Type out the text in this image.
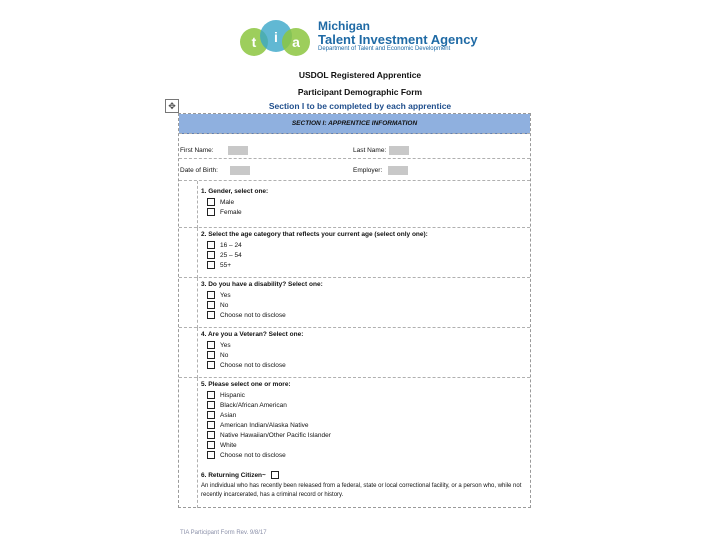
t i a
Michigan
Talent Investment Agency
Department of Talent and Economic Development
USDOL Registered Apprentice
Participant Demographic Form
Section I to be completed by each apprentice
✥
SECTION I: APPRENTICE INFORMATION
First Name:	Last Name:
Date of Birth:	Employer:
1. Gender, select one:
Male
Female
2. Select the age category that reflects your current age (select only one):
16 – 24
25 – 54
55+
3. Do you have a disability? Select one:
Yes
No
Choose not to disclose
4. Are you a Veteran? Select one:
Yes
No
Choose not to disclose
5. Please select one or more:
Hispanic
Black/African American
Asian
American Indian/Alaska Native
Native Hawaiian/Other Pacific Islander
White
Choose not to disclose
6. Returning Citizen~
An individual who has recently been released from a federal, state or local correctional facility, or a person who, while not recently incarcerated, has a criminal record or history.
TIA Participant Form Rev. 9/8/17
